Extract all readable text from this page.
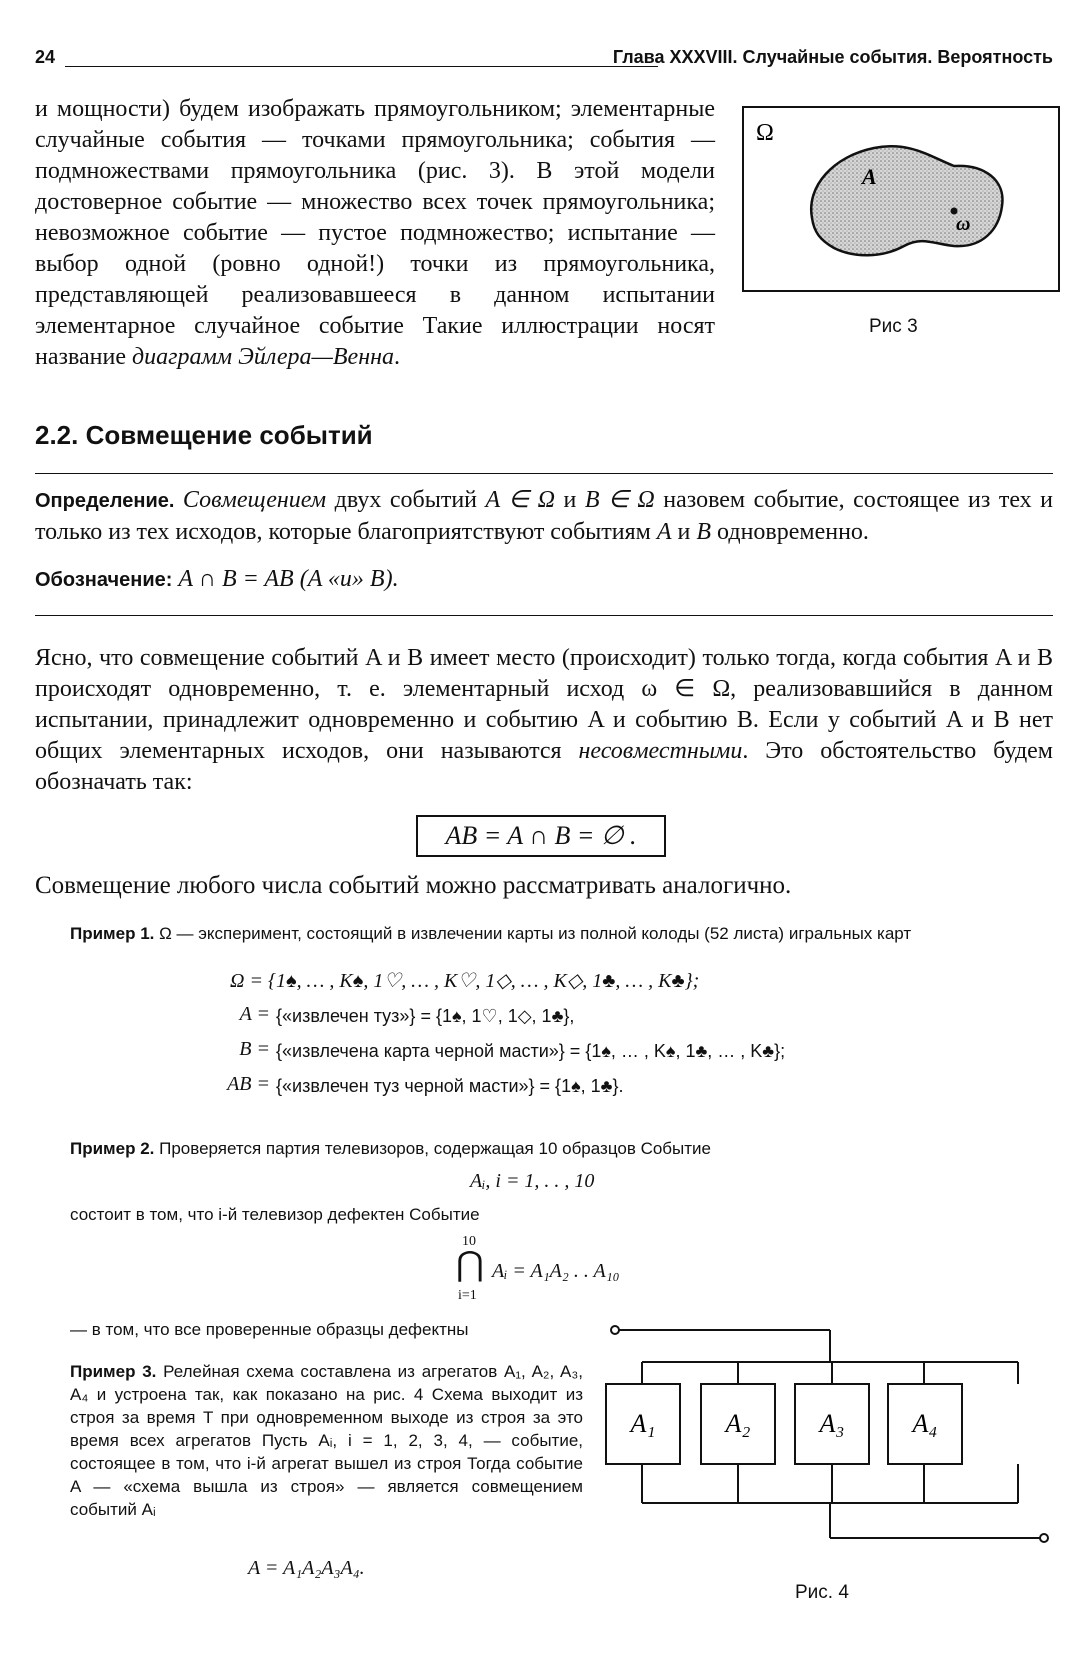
24	Глава XXXVIII. Случайные события. Вероятность
и мощности) будем изображать прямоугольником; элементарные случайные события — точками прямоугольника; события — подмножествами прямоугольника (рис. 3). В этой модели достоверное событие — множество всех точек прямоугольника; невозможное событие — пустое подмножество; испытание — выбор одной (ровно одной!) точки из прямоугольника, представляющей реализовавшееся в данном испытании элементарное случайное событие Такие иллюстрации носят название диаграмм Эйлера—Венна.
Ω
A
ω
Рис 3
2.2. Совмещение событий
Определение. Совмещением двух событий A ∈ Ω и B ∈ Ω назовем событие, состоящее из тех и только из тех исходов, которые благоприятствуют событиям A и B одновременно.
Обозначение: A ∩ B = AB (A «и» B).
Ясно, что совмещение событий A и B имеет место (происходит) только тогда, когда события A и B происходят одновременно, т. е. элементарный исход ω ∈ Ω, реализовавшийся в данном испытании, принадлежит одновременно и событию A и событию B. Если у событий A и B нет общих элементарных исходов, они называются несовместными. Это обстоятельство будем обозначать так:
AB = A ∩ B = ∅ .
Совмещение любого числа событий можно рассматривать аналогично.
Пример 1. Ω — эксперимент, состоящий в извлечении карты из полной колоды (52 листа) игральных карт
Ω = {1♠, … , K♠, 1♡, … , K♡, 1◇, … , K◇, 1♣, … , K♣};
A = {«извлечен туз»} = {1♠, 1♡, 1◇, 1♣},
B = {«извлечена карта черной масти»} = {1♠, … , K♠, 1♣, … , K♣};
AB = {«извлечен туз черной масти»} = {1♠, 1♣}.
Пример 2. Проверяется партия телевизоров, содержащая 10 образцов Событие
Aᵢ, i = 1, . . , 10
состоит в том, что i-й телевизор дефектен Событие
10
⋂
i=1
Aᵢ = A₁A₂ . . A₁₀
— в том, что все проверенные образцы дефектны
Пример 3. Релейная схема составлена из агрегатов A₁, A₂, A₃, A₄ и устроена так, как показано на рис. 4 Схема выходит из строя за время T при одновременном выходе из строя за это время всех агрегатов Пусть Aᵢ, i = 1, 2, 3, 4, — событие, состоящее в том, что i-й агрегат вышел из строя Тогда событие A — «схема вышла из строя» — является совмещением событий Aᵢ
A = A₁A₂A₃A₄.
A₁	A₂	A₃	A₄
Рис. 4
